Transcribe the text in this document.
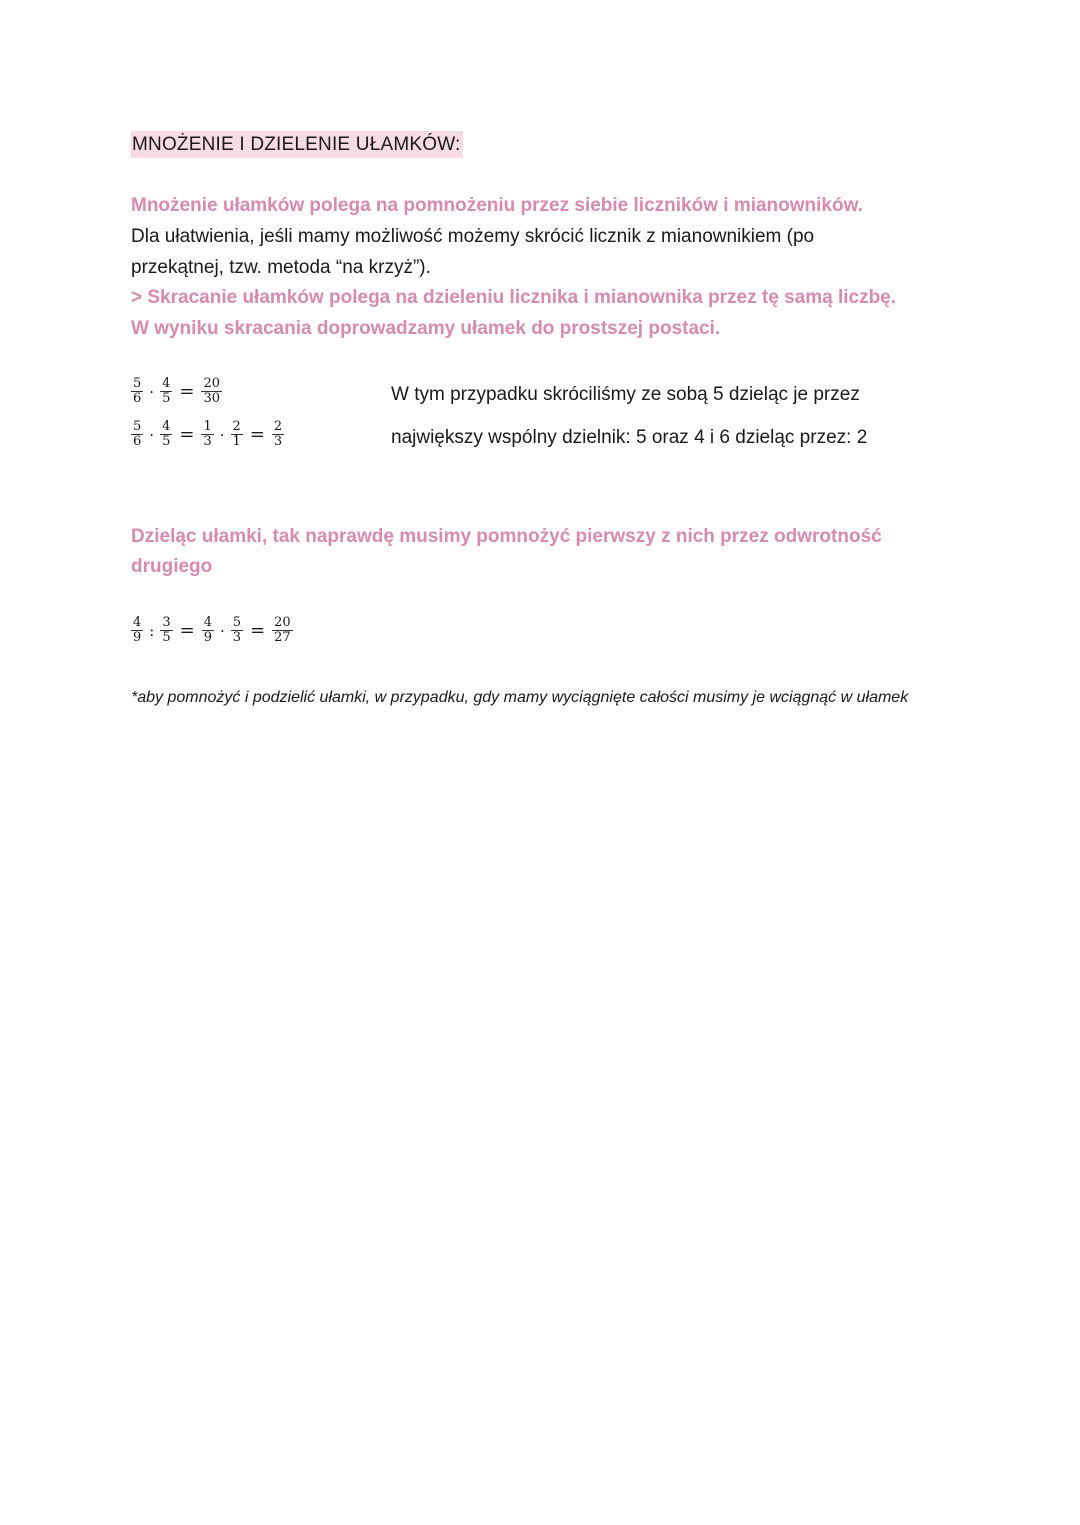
MNOŻENIE I DZIELENIE UŁAMKÓW:

Mnożenie ułamków polega na pomnożeniu przez siebie liczników i mianowników.

Dla ułatwienia, jeśli mamy możliwość możemy skrócić licznik z mianownikiem (po

przekątnej, tzw. metoda “na krzyż”).

> Skracanie ułamków polega na dzieleniu licznika i mianownika przez tę samą liczbę.

W wyniku skracania doprowadzamy ułamek do prostszej postaci.

$\frac{5}{6} \cdot \frac{4}{5} = \frac{20}{30}$
$\frac{5}{6} \cdot \frac{4}{5} = \frac{1}{3} \cdot \frac{2}{1} = \frac{2}{3}$
W tym przypadku skróciliśmy ze sobą 5 dzieląc je przez
największy wspólny dzielnik: 5 oraz 4 i 6 dzieląc przez: 2

Dzieląc ułamki, tak naprawdę musimy pomnożyć pierwszy z nich przez odwrotność

drugiego

$\frac{4}{9}$ : $\frac{3}{5} = \frac{4}{9} \cdot \frac{5}{3} = \frac{20}{27}$
*aby pomnożyć i podzielić ułamki, w przypadku, gdy mamy wyciągnięte całości musimy je wciągnąć w ułamek
